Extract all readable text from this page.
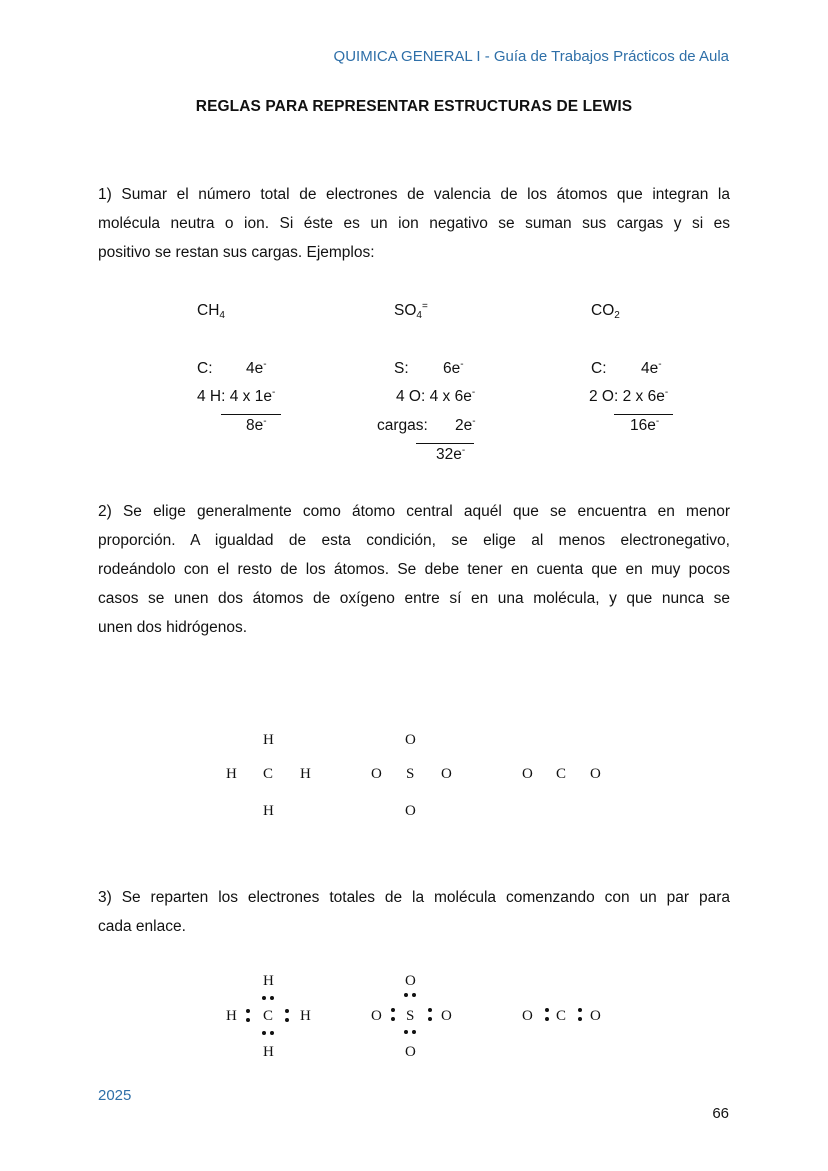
QUIMICA GENERAL I - Guía de Trabajos Prácticos de Aula
REGLAS PARA REPRESENTAR ESTRUCTURAS DE LEWIS
1) Sumar el número total de electrones de valencia de los átomos que integran la
molécula neutra o ion. Si éste es un ion negativo se suman sus cargas y si es
positivo se restan sus cargas. Ejemplos:
$CH_4$
C: 4e-
4 H: 4 x 1e-
8e-
$SO_4^=$
S: 6e-
4 O: 4 x 6e-
cargas: 2e-
32e-
$CO_2$
C: 4e-
2 O: 2 x 6e-
16e-
2) Se elige generalmente como átomo central aquél que se encuentra en menor
proporción. A igualdad de esta condición, se elige al menos electronegativo,
rodeándolo con el resto de los átomos. Se debe tener en cuenta que en muy pocos
casos se unen dos átomos de oxígeno entre sí en una molécula, y que nunca se
unen dos hidrógenos.
H
H C H
H
O
O S O
O
O C O
3) Se reparten los electrones totales de la molécula comenzando con un par para
cada enlace.
H
H C H
H
O
O S O
O
O C O
2025
66
